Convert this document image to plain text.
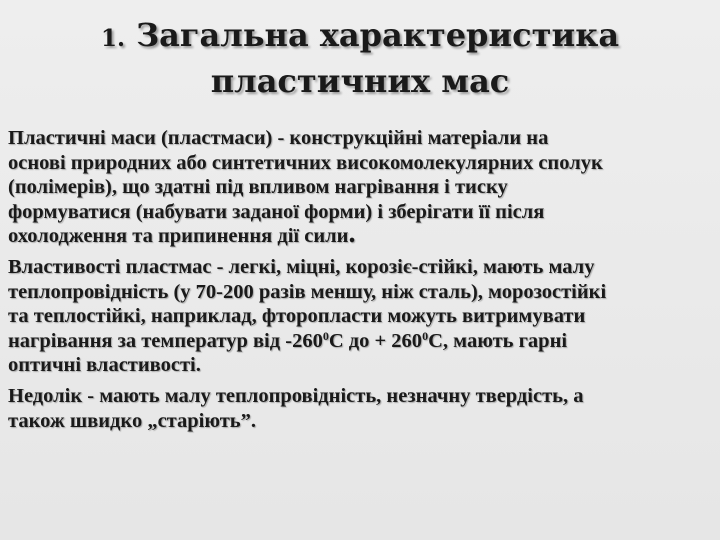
1. Загальна характеристика
пластичних мас

Пластичні маси (пластмаси) - конструкційні матеріали на
основі природних або синтетичних високомолекулярних сполук
(полімерів), що здатні під впливом нагрівання і тиску
формуватися (набувати заданої форми) і зберігати її після
охолодження та припинення дії сили.

Властивості пластмас - легкі, міцні, корозіє-стійкі, мають малу
теплопровідність (у 70-200 разів меншу, ніж сталь), морозостійкі
та теплостійкі, наприклад, фторопласти можуть витримувати
нагрівання за температур від $-260^0С$ до + $260^0С$, мають гарні
оптичні властивості.

Недолік - мають малу теплопровідність, незначну твердість, а
також швидко „старіють”.
